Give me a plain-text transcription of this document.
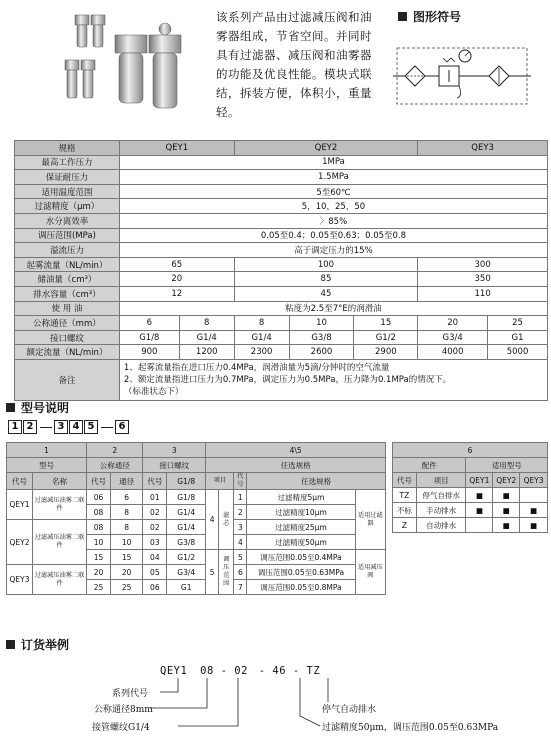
该系列产品由过滤减压阀和油雾器组成，节省空间。并同时具有过滤器、减压阀和油雾器的功能及优良性能。模块式联结，拆装方便，体积小，重量轻。
图形符号
规格	QEY1		QEY2			QEY3	
最高工作压力	1MPa						
保证耐压力	1.5MPa						
适用温度范围	5至60℃						
过滤精度（μm）	5，10，25，50						
水分离效率	〉85%						
调压范围(MPa)	0.05至0.4；0.05至0.63；0.05至0.8						
溢流压力	高于调定压力的15%						
起雾流量（NL/min）	65		100			300	
储油量（cm³）	20		85			350	
排水容量（cm³）	12		45			110	
使 用 油	粘度为2.5至7°E的润滑油						
公称通径（mm）	6	8	8	10	15	20	25
接口螺纹	G1/8	G1/4	G1/4	G3/8	G1/2	G3/4	G1
额定流量（NL/min）	900	1200	2300	2600	2900	4000	5000
备注	1、起雾流量指在进口压力0.4MPa，润滑油量为5滴/分钟时的空气流量
2、额定流量指进口压力为0.7MPa，调定压力为0.5MPa，压力降为0.1MPa的情况下。
（标准状态下）						
型号说明
1 2	3 4 5	6
1		2		3		4\5				
型号		公称通径		接口螺纹		任选规格				
代号	名称	代号	通径	代号	G1/8	项目		代号	任选规格	
QEY1	过滤减压油雾二联件	06	6	01	G1/8	4	滤芯	1	过滤精度5μm	适用过滤器
		08	8	02	G1/4			2	过滤精度10μm	
QEY2	过滤减压油雾二联件	08	8	02	G1/4			3	过滤精度25μm	
		10	10	03	G3/8			4	过滤精度50μm	
		15	15	04	G1/2	5	调压范围	5	调压范围0.05至0.4MPa	适用减压阀
QEY3	过滤减压油雾二联件	20	20	05	G3/4			6	调压范围0.05至0.63MPa	
		25	25	06	G1			7	调压范围0.05至0.8MPa	
6				
配件		适用型号		
代号	项目	QEY1	QEY2	QEY3
TZ	停气自排水	■	■	
不标	手动排水	■	■	■
Z	自动排水		■	■
订货举例
QEY1 08 - 02 - 46 - TZ
系列代号
公称通径8mm
接管螺纹G1/4
停气自动排水
过滤精度50μm，调压范围0.05至0.63MPa
